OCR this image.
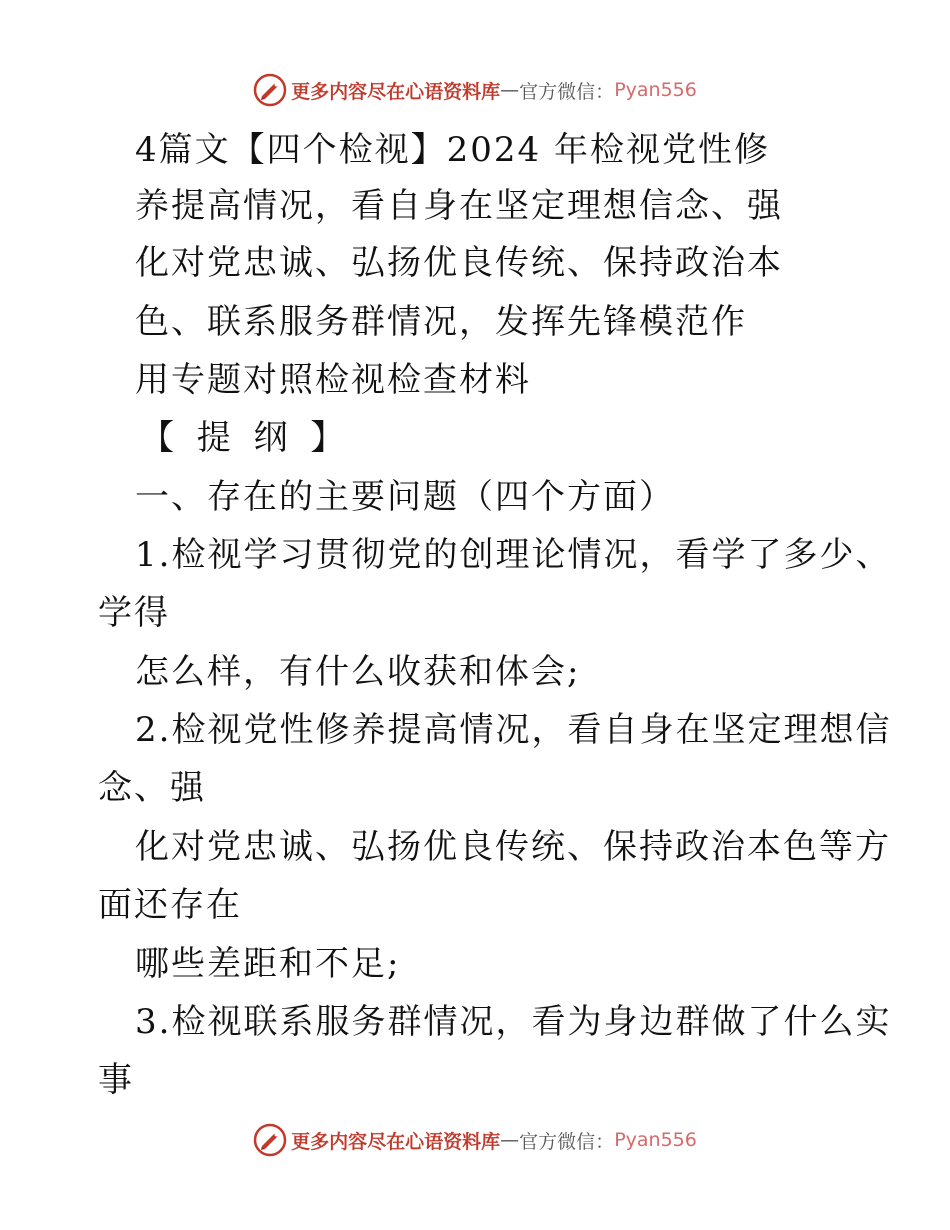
更多内容尽在心语资料库 — 官方微信： Pyan556
4篇文【四个检视】2024 年检视党性修
养提高情况，看自身在坚定理想信念、强
化对党忠诚、弘扬优良传统、保持政治本
色、联系服务群情况，发挥先锋模范作
用专题对照检视检查材料
【 提 纲 】
一、存在的主要问题（四个方面）
1.检视学习贯彻党的创理论情况，看学了多少、
学得
怎么样，有什么收获和体会;
2.检视党性修养提高情况，看自身在坚定理想信
念、强
化对党忠诚、弘扬优良传统、保持政治本色等方
面还存在
哪些差距和不足;
3.检视联系服务群情况，看为身边群做了什么实
事
更多内容尽在心语资料库 — 官方微信： Pyan556
